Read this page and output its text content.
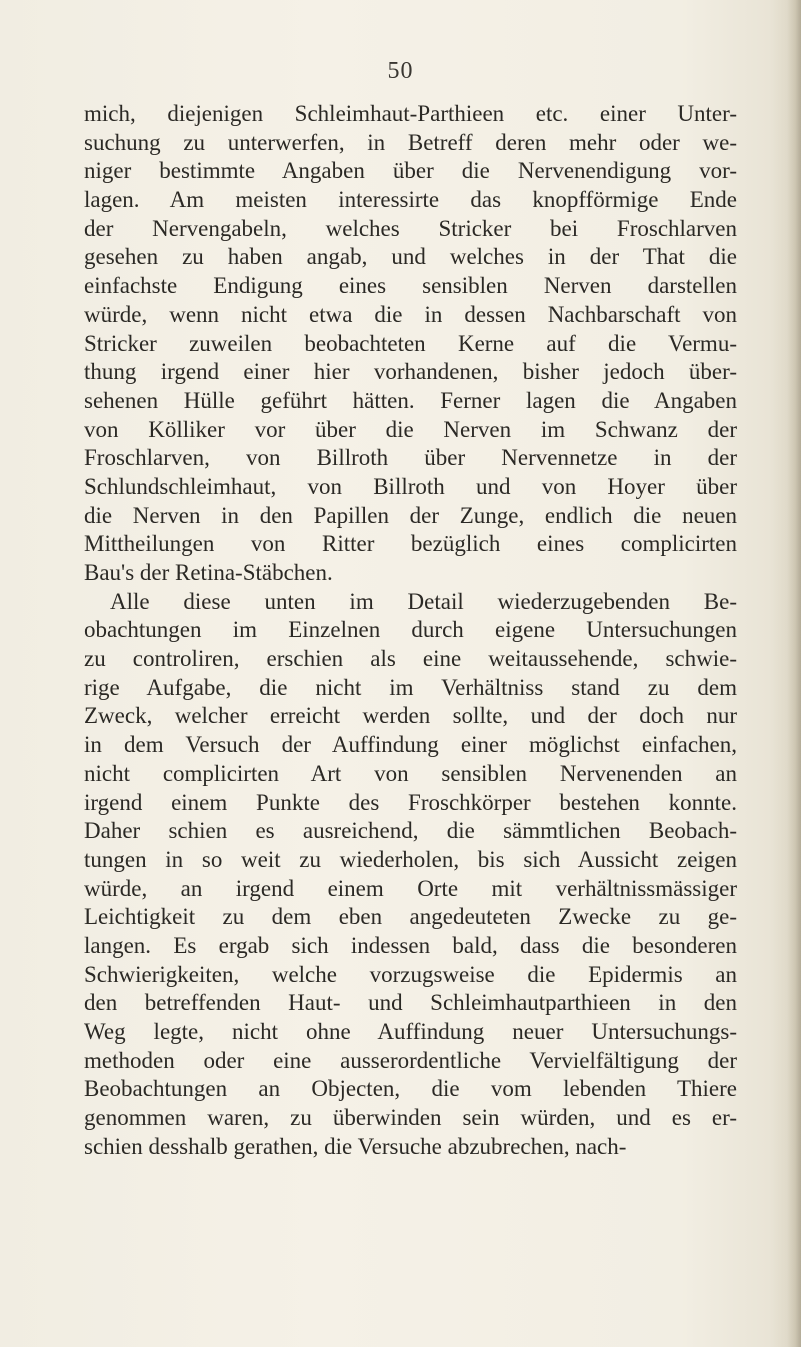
50
mich, diejenigen Schleimhaut-Parthieen etc. einer Unter-
suchung zu unterwerfen, in Betreff deren mehr oder we-
niger bestimmte Angaben über die Nervenendigung vor-
lagen. Am meisten interessirte das knopfförmige Ende
der Nervengabeln, welches Stricker bei Froschlarven
gesehen zu haben angab, und welches in der That die
einfachste Endigung eines sensiblen Nerven darstellen
würde, wenn nicht etwa die in dessen Nachbarschaft von
Stricker zuweilen beobachteten Kerne auf die Vermu-
thung irgend einer hier vorhandenen, bisher jedoch über-
sehenen Hülle geführt hätten. Ferner lagen die Angaben
von Kölliker vor über die Nerven im Schwanz der
Froschlarven, von Billroth über Nervennetze in der
Schlundschleimhaut, von Billroth und von Hoyer über
die Nerven in den Papillen der Zunge, endlich die neuen
Mittheilungen von Ritter bezüglich eines complicirten
Bau's der Retina-Stäbchen.
Alle diese unten im Detail wiederzugebenden Be-
obachtungen im Einzelnen durch eigene Untersuchungen
zu controliren, erschien als eine weitaussehende, schwie-
rige Aufgabe, die nicht im Verhältniss stand zu dem
Zweck, welcher erreicht werden sollte, und der doch nur
in dem Versuch der Auffindung einer möglichst einfachen,
nicht complicirten Art von sensiblen Nervenenden an
irgend einem Punkte des Froschkörper bestehen konnte.
Daher schien es ausreichend, die sämmtlichen Beobach-
tungen in so weit zu wiederholen, bis sich Aussicht zeigen
würde, an irgend einem Orte mit verhältnissmässiger
Leichtigkeit zu dem eben angedeuteten Zwecke zu ge-
langen. Es ergab sich indessen bald, dass die besonderen
Schwierigkeiten, welche vorzugsweise die Epidermis an
den betreffenden Haut- und Schleimhautparthieen in den
Weg legte, nicht ohne Auffindung neuer Untersuchungs-
methoden oder eine ausserordentliche Vervielfältigung der
Beobachtungen an Objecten, die vom lebenden Thiere
genommen waren, zu überwinden sein würden, und es er-
schien desshalb gerathen, die Versuche abzubrechen, nach-
